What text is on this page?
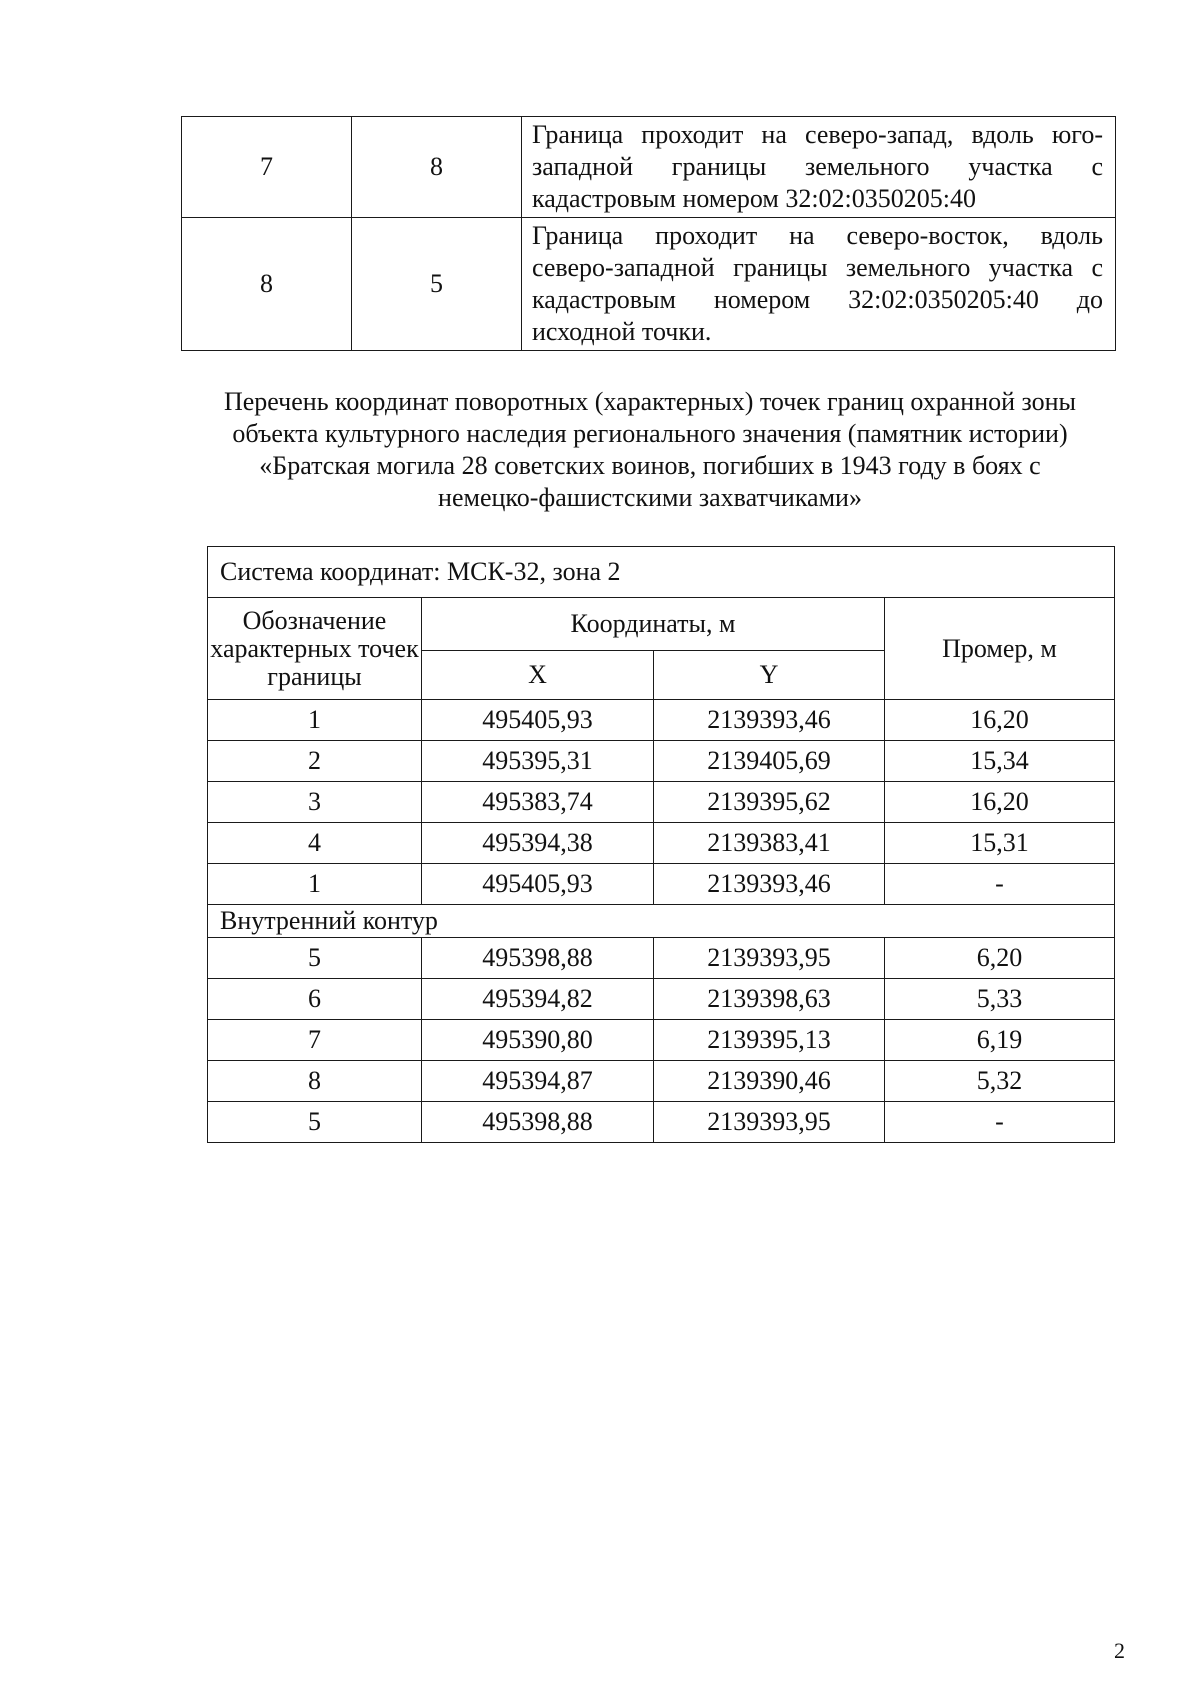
7	8	Граница проходит на северо-запад, вдоль юго-
западной границы земельного участка с
кадастровым номером 32:02:0350205:40

8	5	Граница проходит на северо-восток, вдоль
северо-западной границы земельного участка с
кадастровым номером 32:02:0350205:40 до
исходной точки.
Перечень координат поворотных (характерных) точек границ охранной зоны
объекта культурного наследия регионального значения (памятник истории)
«Братская могила 28 советских воинов, погибших в 1943 году в боях с
немецко-фашистскими захватчиками»
Система координат: МСК-32, зона 2			
Обозначение характерных точек границы	Координаты, м		Промер, м
	X	Y	
1	495405,93	2139393,46	16,20
2	495395,31	2139405,69	15,34
3	495383,74	2139395,62	16,20
4	495394,38	2139383,41	15,31
1	495405,93	2139393,46	-
Внутренний контур			
5	495398,88	2139393,95	6,20
6	495394,82	2139398,63	5,33
7	495390,80	2139395,13	6,19
8	495394,87	2139390,46	5,32
5	495398,88	2139393,95	-
2
